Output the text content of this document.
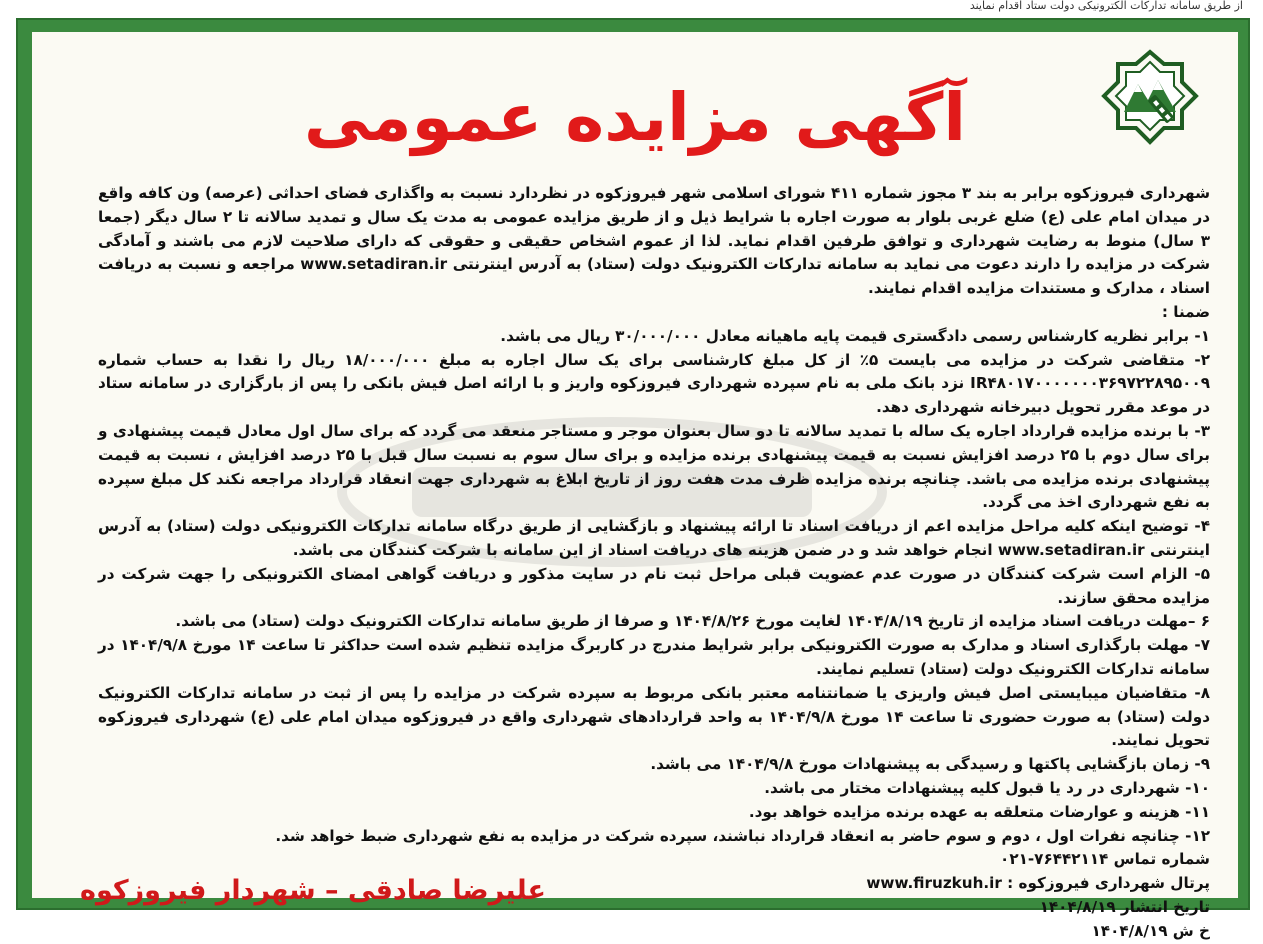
از طریق سامانه تدارکات الکترونیکی دولت ستاد اقدام نمایند
آگهی مزایده عمومی

شهرداری فیروزکوه برابر به بند ۳ مجوز شماره ۴۱۱ شورای اسلامی شهر فیروزکوه در نظردارد نسبت به واگذاری فضای احداثی (عرصه) ون کافه واقع در میدان امام علی (ع) ضلع غربی بلوار به صورت اجاره با شرایط ذیل و از طریق مزایده عمومی به مدت یک سال و تمدید سالانه تا ۲ سال دیگر (جمعا ۳ سال) منوط به رضایت شهرداری و توافق طرفین اقدام نماید. لذا از عموم اشخاص حقیقی و حقوقی که دارای صلاحیت لازم می باشند و آمادگی شرکت در مزایده را دارند دعوت می نماید به سامانه تدارکات الکترونیک دولت (ستاد) به آدرس اینترنتی www.setadiran.ir مراجعه و نسبت به دریافت اسناد ، مدارک و مستندات مزایده اقدام نمایند.

ضمنا :

۱- برابر نظریه کارشناس رسمی دادگستری قیمت پایه ماهیانه معادل ۳۰/۰۰۰/۰۰۰ ریال می باشد.

۲- متقاضی شرکت در مزایده می بایست ۵٪ از کل مبلغ کارشناسی برای یک سال اجاره به مبلغ ۱۸/۰۰۰/۰۰۰ ریال را نقدا به حساب شماره IR۴۸۰۱۷۰۰۰۰۰۰۰۳۶۹۷۲۲۸۹۵۰۰۹ نزد بانک ملی به نام سپرده شهرداری فیروزکوه واریز و با ارائه اصل فیش بانکی را پس از بارگزاری در سامانه ستاد در موعد مقرر تحویل دبیرخانه شهرداری دهد.

۳- با برنده مزایده قرارداد اجاره یک ساله با تمدید سالانه تا دو سال بعنوان موجر و مستاجر منعقد می گردد که برای سال اول معادل قیمت پیشنهادی و برای سال دوم با ۲۵ درصد افزایش نسبت به قیمت پیشنهادی برنده مزایده و برای سال سوم به نسبت سال قبل با ۲۵ درصد افزایش ، نسبت به قیمت پیشنهادی برنده مزایده می باشد. چنانچه برنده مزایده ظرف مدت هفت روز از تاریخ ابلاغ به شهرداری جهت انعقاد قرارداد مراجعه نکند کل مبلغ سپرده به نفع شهرداری اخذ می گردد.

۴- توضیح اینکه کلیه مراحل مزایده اعم از دریافت اسناد تا ارائه پیشنهاد و بازگشایی از طریق درگاه سامانه تدارکات الکترونیکی دولت (ستاد) به آدرس اینترنتی www.setadiran.ir انجام خواهد شد و در ضمن هزینه های دریافت اسناد از این سامانه با شرکت کنندگان می باشد.

۵- الزام است شرکت کنندگان در صورت عدم عضویت قبلی مراحل ثبت نام در سایت مذکور و دریافت گواهی امضای الکترونیکی را جهت شرکت در مزایده محقق سازند.

۶ –مهلت دریافت اسناد مزایده از تاریخ ۱۴۰۴/۸/۱۹ لغایت مورخ ۱۴۰۴/۸/۲۶ و صرفا از طریق سامانه تدارکات الکترونیک دولت (ستاد) می باشد.

۷- مهلت بارگذاری اسناد و مدارک به صورت الکترونیکی برابر شرایط مندرج در کاربرگ مزایده تنظیم شده است حداکثر تا ساعت ۱۴ مورخ ۱۴۰۴/۹/۸ در سامانه تدارکات الکترونیک دولت (ستاد) تسلیم نمایند.

۸- متقاضیان میبایستی اصل فیش واریزی یا ضمانتنامه معتبر بانکی مربوط به سپرده شرکت در مزایده را پس از ثبت در سامانه تدارکات الکترونیک دولت (ستاد) به صورت حضوری تا ساعت ۱۴ مورخ ۱۴۰۴/۹/۸ به واحد قراردادهای شهرداری واقع در فیروزکوه میدان امام علی (ع) شهرداری فیروزکوه تحویل نمایند.

۹- زمان بازگشایی پاکتها و رسیدگی به پیشنهادات مورخ ۱۴۰۴/۹/۸ می باشد.

۱۰- شهرداری در رد یا قبول کلیه پیشنهادات مختار می باشد.

۱۱- هزینه و عوارضات متعلقه به عهده برنده مزایده خواهد بود.

۱۲- چنانچه نفرات اول ، دوم و سوم حاضر به انعقاد قرارداد نباشند، سپرده شرکت در مزایده به نفع شهرداری ضبط خواهد شد.

شماره تماس ۷۶۴۴۲۱۱۴-۰۲۱

پرتال شهرداری فیروزکوه : www.firuzkuh.ir

تاریخ انتشار ۱۴۰۴/۸/۱۹

خ ش ۱۴۰۴/۸/۱۹

علیرضا صادقی – شهردار فیروزکوه
